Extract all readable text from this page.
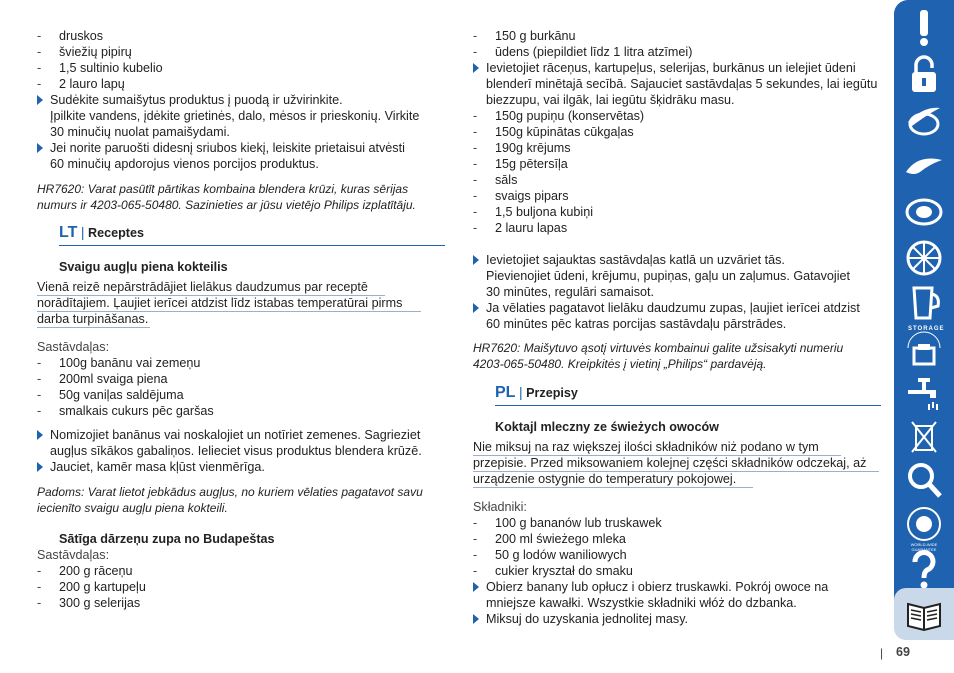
- druskos
- šviežių pipirų
- 1,5 sultinio kubelio
- 2 lauro lapų
Sudėkite sumaišytus produktus į puodą ir užvirinkite.
Įpilkite vandens, įdėkite grietinės, dalo, mėsos ir prieskonių. Virkite
30 minučių nuolat pamaišydami.
Jei norite paruošti didesnį sriubos kiekį, leiskite prietaisui atvėsti
60 minučių apdorojus vienos porcijos produktus.
HR7620: Varat pasūtīt pārtikas kombaina blendera krūzi, kuras sērijas
numurs ir 4203-065-50480. Sazinieties ar jūsu vietējo Philips izplatītāju.
LT | Receptes
Svaigu augļu piena kokteilis
Vienā reizē nepārstrādājiet lielākus daudzumus par receptē
norādītajiem. Ļaujiet ierīcei atdzist līdz istabas temperatūrai pirms
darba turpināšanas.
Sastāvdaļas:
- 100g banānu vai zemeņu
- 200ml svaiga piena
- 50g vaniļas saldējuma
- smalkais cukurs pēc garšas
Nomizojiet banānus vai noskalojiet un notīriet zemenes. Sagrieziet
augļus sīkākos gabaliņos. Ielieciet visus produktus blendera krūzē.
Jauciet, kamēr masa kļūst vienmērīga.
Padoms: Varat lietot jebkādus augļus, no kuriem vēlaties pagatavot savu
iecienīto svaigu augļu piena kokteili.
Sātīga dārzeņu zupa no Budapeštas
Sastāvdaļas:
- 200 g rāceņu
- 200 g kartupeļu
- 300 g selerijas
- 150 g burkānu
- ūdens (piepildiet līdz 1 litra atzīmei)
Ievietojiet rāceņus, kartupeļus, selerijas, burkānus un ielejiet ūdeni
blenderī minētajā secībā. Sajauciet sastāvdaļas 5 sekundes, lai iegūtu
biezzupu, vai ilgāk, lai iegūtu šķidrāku masu.
- 150g pupiņu (konservētas)
- 150g kūpinātas cūkgaļas
- 190g krējums
- 15g pētersīļa
- sāls
- svaigs pipars
- 1,5 buljona kubiņi
- 2 lauru lapas
Ievietojiet sajauktas sastāvdaļas katlā un uzvāriet tās.
Pievienojiet ūdeni, krējumu, pupiņas, gaļu un zaļumus. Gatavojiet
30 minūtes, regulāri samaisot.
Ja vēlaties pagatavot lielāku daudzumu zupas, ļaujiet ierīcei atdzist
60 minūtes pēc katras porcijas sastāvdaļu pārstrādes.
HR7620: Maišytuvo ąsotį virtuvės kombainui galite užsisakyti numeriu
4203-065-50480. Kreipkitės į vietinį „Philips“ pardavėją.
PL | Przepisy
Koktajl mleczny ze świeżych owoców
Nie miksuj na raz większej ilości składników niż podano w tym
przepisie. Przed miksowaniem kolejnej części składników odczekaj, aż
urządzenie ostygnie do temperatury pokojowej.
Składniki:
- 100 g bananów lub truskawek
- 200 ml świeżego mleka
- 50 g lodów waniliowych
- cukier kryształ do smaku
Obierz banany lub opłucz i obierz truskawki. Pokrój owoce na
mniejsze kawałki. Wszystkie składniki włóż do dzbanka.
Miksuj do uzyskania jednolitej masy.
STORAGE
WORLD-WIDE GUARANTEE
| 69
